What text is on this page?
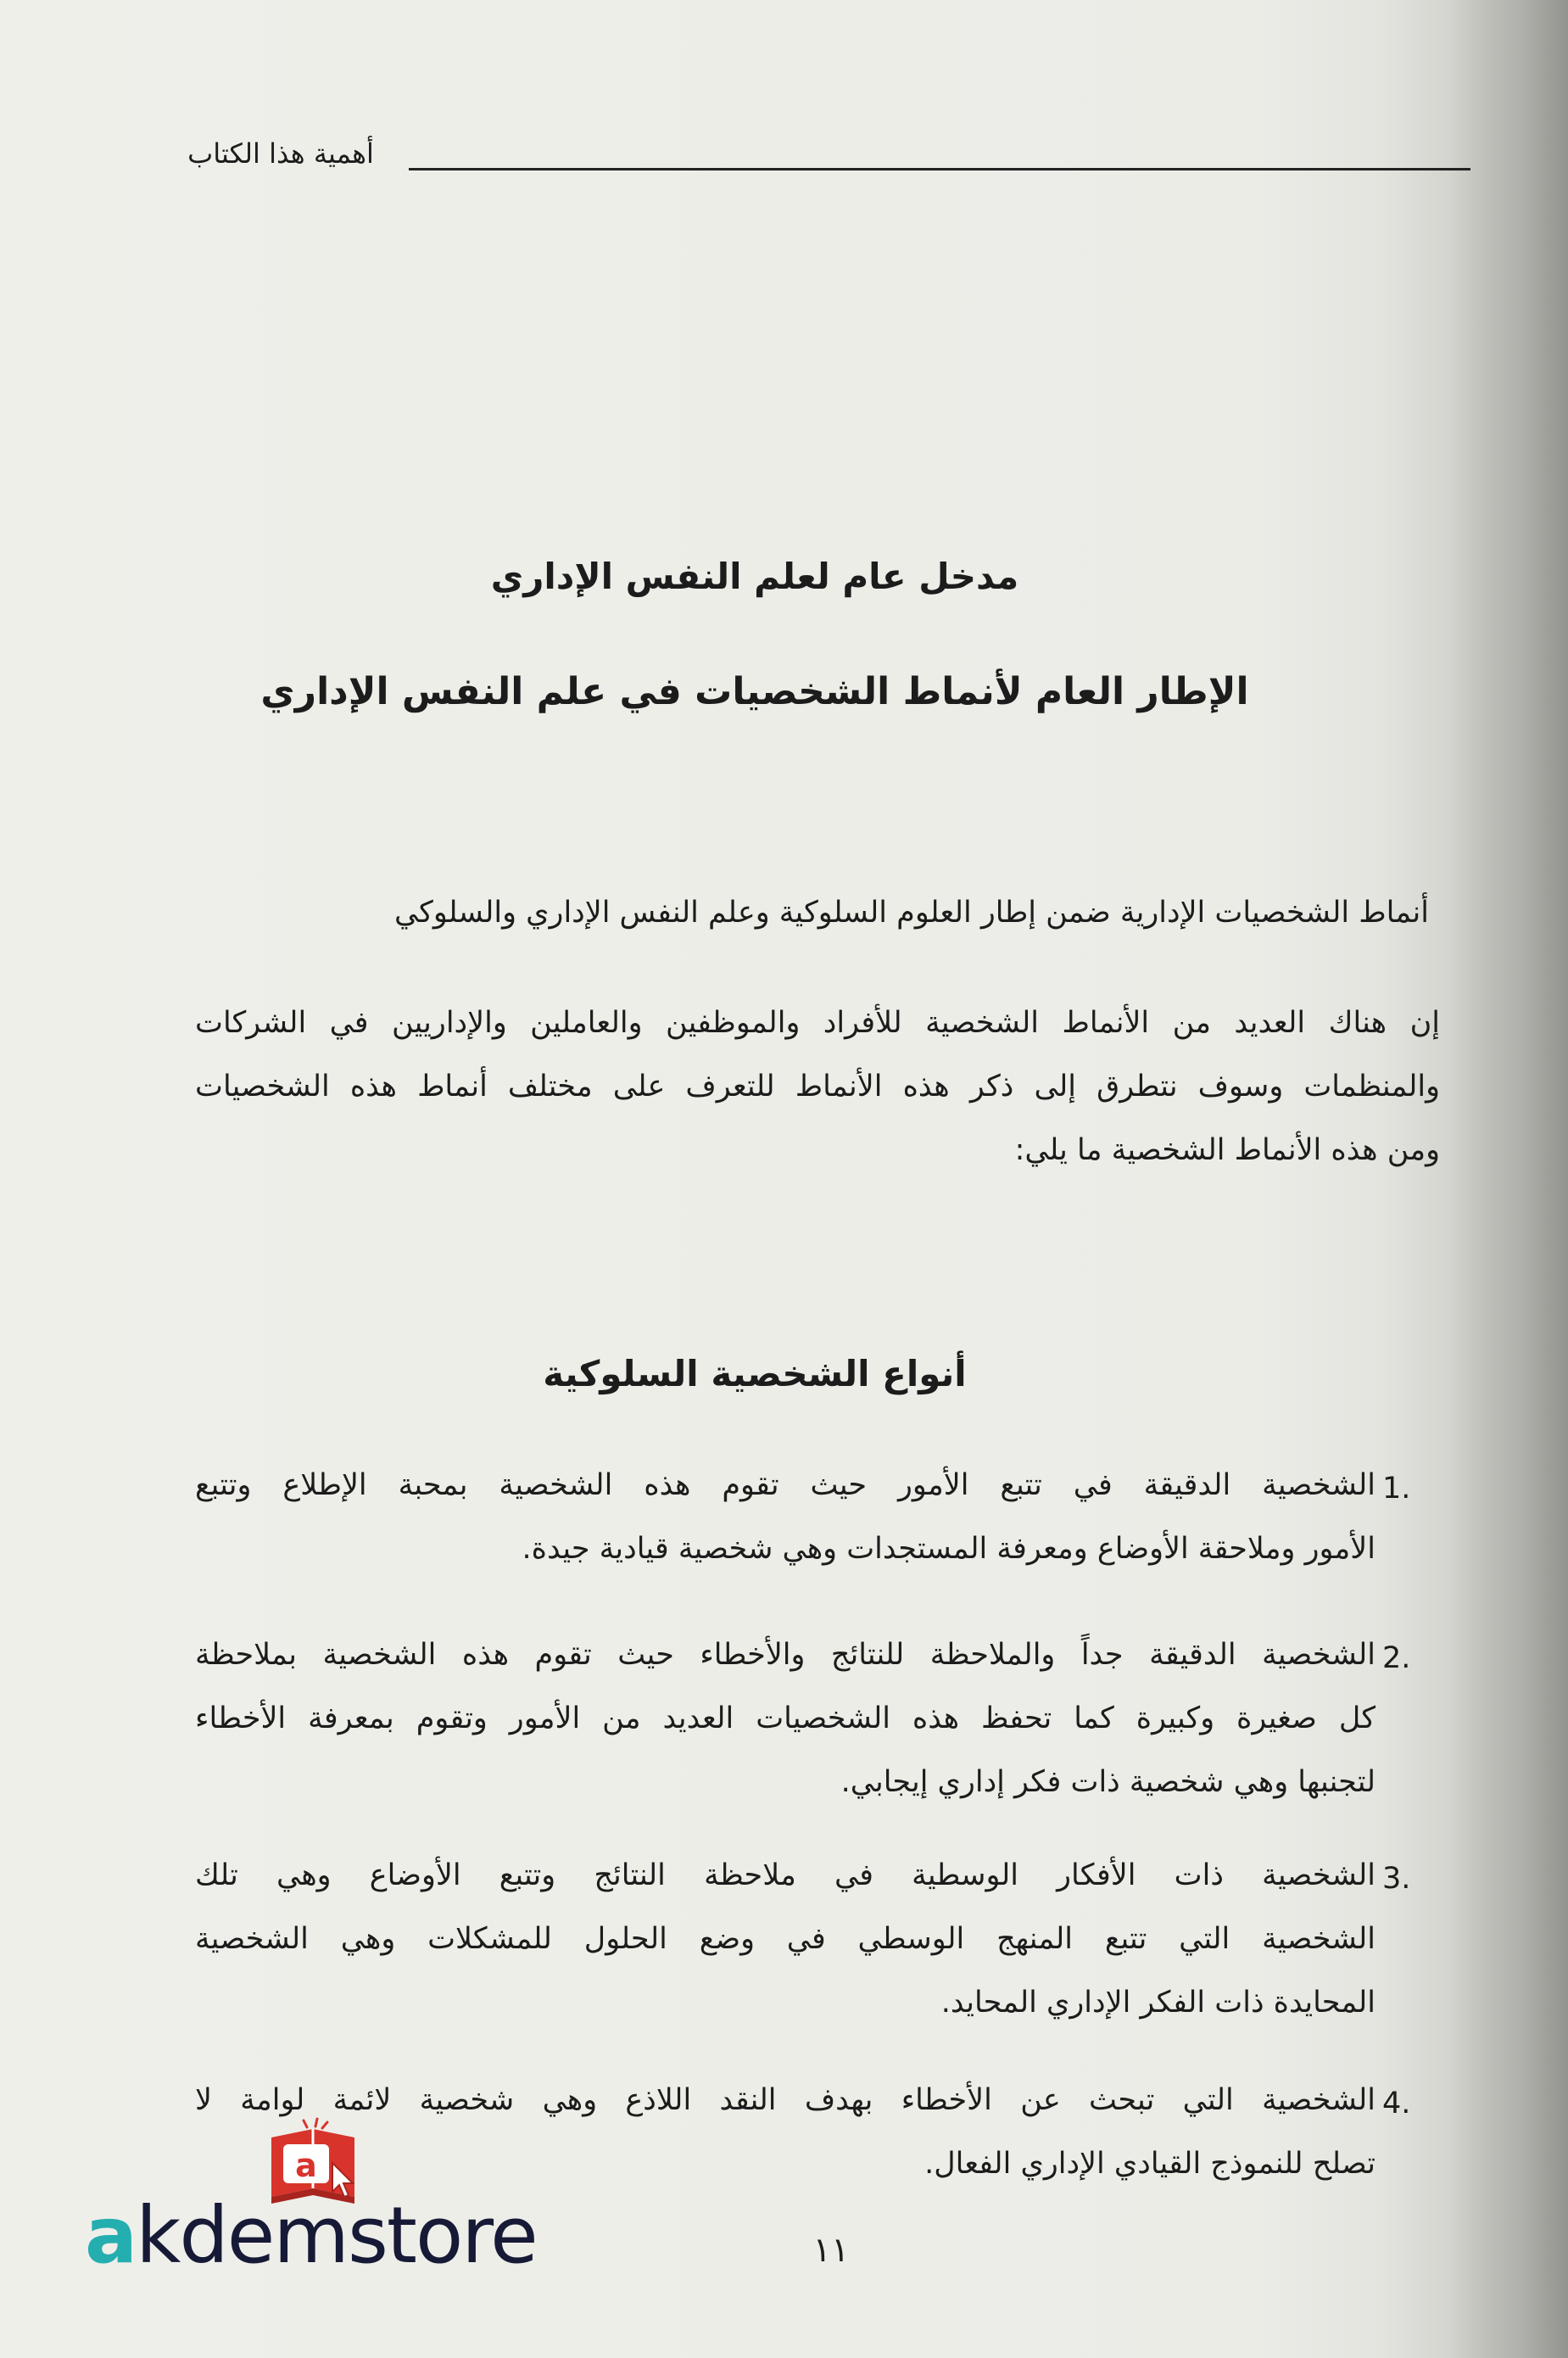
أهمية هذا الكتاب
مدخل عام لعلم النفس الإداري
الإطار العام لأنماط الشخصيات في علم النفس الإداري
أنماط الشخصيات الإدارية ضمن إطار العلوم السلوكية وعلم النفس الإداري والسلوكي
إن هناك العديد من الأنماط الشخصية للأفراد والموظفين والعاملين والإداريين في الشركات
والمنظمات وسوف نتطرق إلى ذكر هذه الأنماط للتعرف على مختلف أنماط هذه الشخصيات
ومن هذه الأنماط الشخصية ما يلي:
أنواع الشخصية السلوكية
1.
الشخصية الدقيقة في تتبع الأمور حيث تقوم هذه الشخصية بمحبة الإطلاع وتتبع
الأمور وملاحقة الأوضاع ومعرفة المستجدات وهي شخصية قيادية جيدة.
2.
الشخصية الدقيقة جداً والملاحظة للنتائج والأخطاء حيث تقوم هذه الشخصية بملاحظة
كل صغيرة وكبيرة كما تحفظ هذه الشخصيات العديد من الأمور وتقوم بمعرفة الأخطاء
لتجنبها وهي شخصية ذات فكر إداري إيجابي.
3.
الشخصية ذات الأفكار الوسطية في ملاحظة النتائج وتتبع الأوضاع وهي تلك
الشخصية التي تتبع المنهج الوسطي في وضع الحلول للمشكلات وهي الشخصية
المحايدة ذات الفكر الإداري المحايد.
4.
الشخصية التي تبحث عن الأخطاء بهدف النقد اللاذع وهي شخصية لائمة لوامة لا
تصلح للنموذج القيادي الإداري الفعال.
١١
a
akdemstore
